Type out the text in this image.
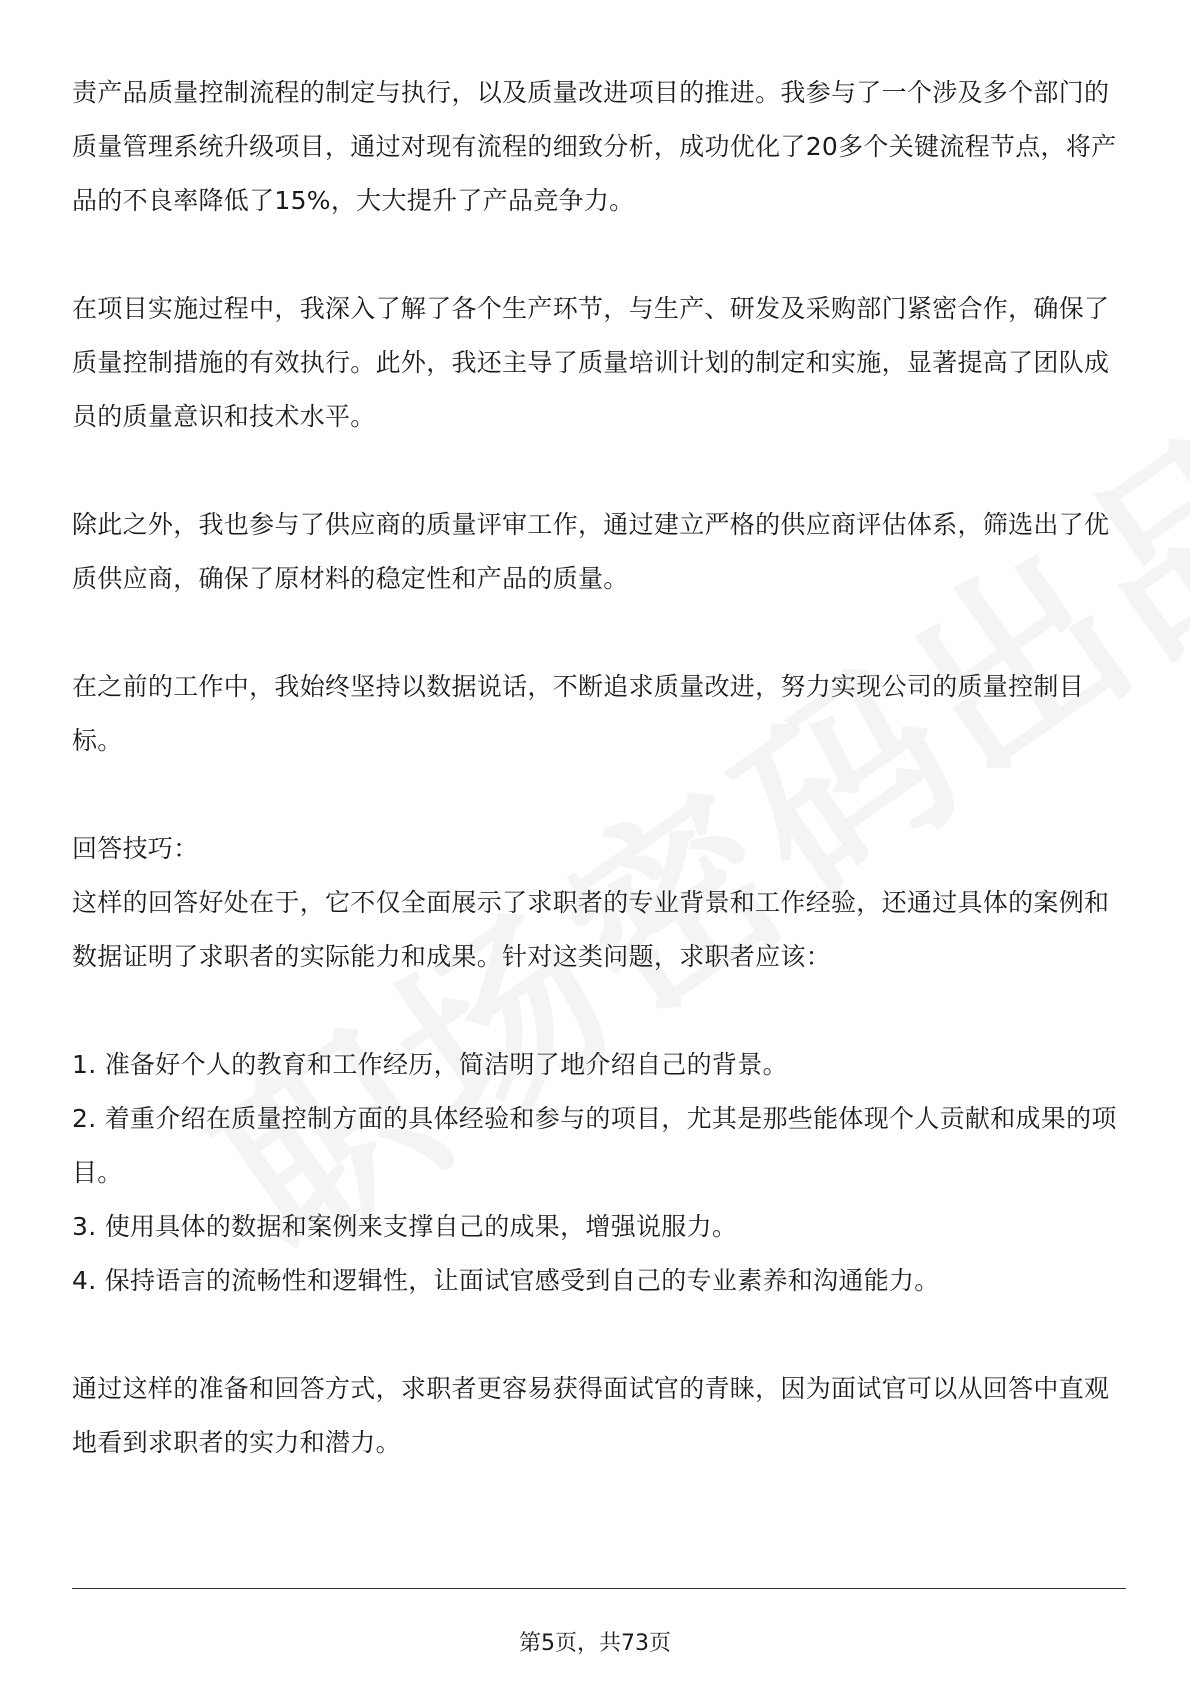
责产品质量控制流程的制定与执行，以及质量改进项目的推进。我参与了一个涉及多个部门的质量管理系统升级项目，通过对现有流程的细致分析，成功优化了20多个关键流程节点，将产品的不良率降低了15%，大大提升了产品竞争力。

在项目实施过程中，我深入了解了各个生产环节，与生产、研发及采购部门紧密合作，确保了质量控制措施的有效执行。此外，我还主导了质量培训计划的制定和实施，显著提高了团队成员的质量意识和技术水平。

除此之外，我也参与了供应商的质量评审工作，通过建立严格的供应商评估体系，筛选出了优质供应商，确保了原材料的稳定性和产品的质量。

在之前的工作中，我始终坚持以数据说话，不断追求质量改进，努力实现公司的质量控制目标。

回答技巧：

这样的回答好处在于，它不仅全面展示了求职者的专业背景和工作经验，还通过具体的案例和数据证明了求职者的实际能力和成果。针对这类问题，求职者应该：

1. 准备好个人的教育和工作经历，简洁明了地介绍自己的背景。

2. 着重介绍在质量控制方面的具体经验和参与的项目，尤其是那些能体现个人贡献和成果的项目。

3. 使用具体的数据和案例来支撑自己的成果，增强说服力。

4. 保持语言的流畅性和逻辑性，让面试官感受到自己的专业素养和沟通能力。

通过这样的准备和回答方式，求职者更容易获得面试官的青睐，因为面试官可以从回答中直观地看到求职者的实力和潜力。

第5页，共73页
